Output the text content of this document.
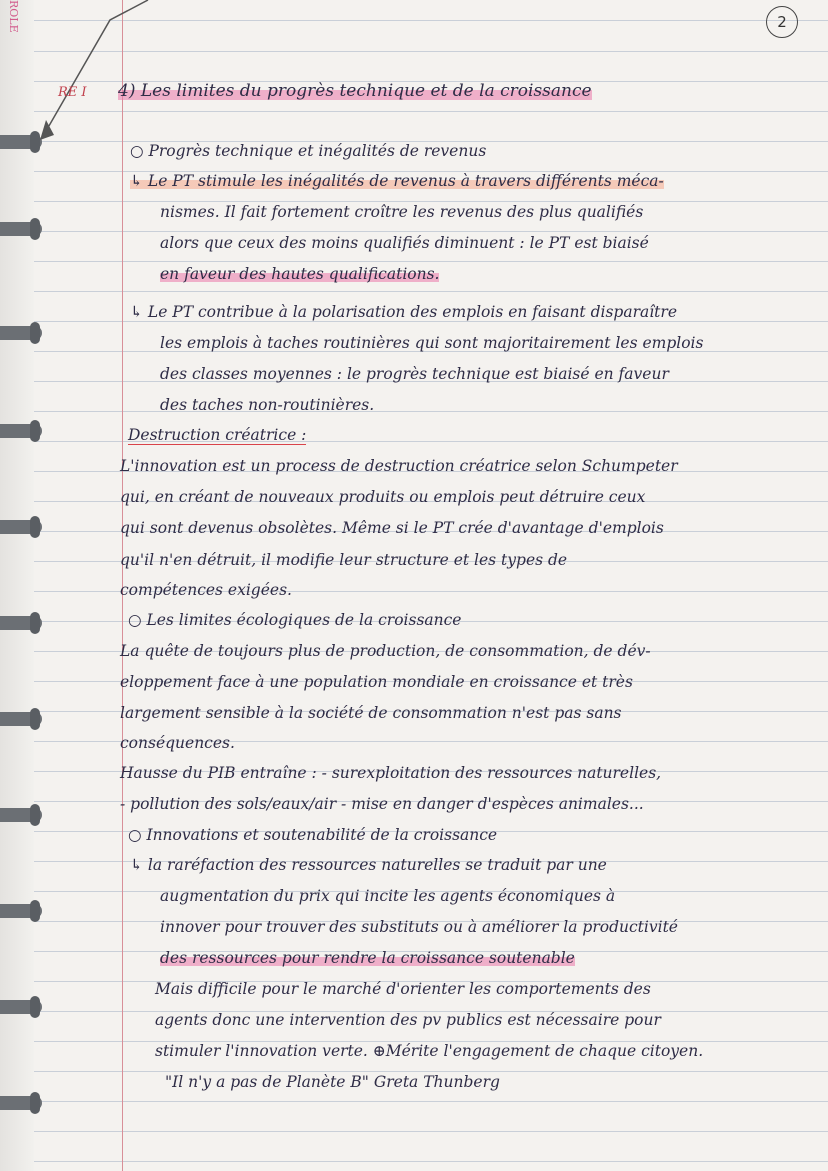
ROLE	2
RE I 4) Les limites du progrès technique et de la croissance
○ Progrès technique et inégalités de revenus
↳ Le PT stimule les inégalités de revenus à travers différents méca-
nismes. Il fait fortement croître les revenus des plus qualifiés
alors que ceux des moins qualifiés diminuent : le PT est biaisé
en faveur des hautes qualifications.
↳ Le PT contribue à la polarisation des emplois en faisant disparaître
les emplois à taches routinières qui sont majoritairement les emplois
des classes moyennes : le progrès technique est biaisé en faveur
des taches non-routinières.
Destruction créatrice :
L'innovation est un process de destruction créatrice selon Schumpeter
qui, en créant de nouveaux produits ou emplois peut détruire ceux
qui sont devenus obsolètes. Même si le PT crée d'avantage d'emplois
qu'il n'en détruit, il modifie leur structure et les types de
compétences exigées.
○ Les limites écologiques de la croissance
La quête de toujours plus de production, de consommation, de dév-
eloppement face à une population mondiale en croissance et très
largement sensible à la société de consommation n'est pas sans
conséquences.
Hausse du PIB entraîne : - surexploitation des ressources naturelles,
- pollution des sols/eaux/air - mise en danger d'espèces animales...
○ Innovations et soutenabilité de la croissance
↳ la raréfaction des ressources naturelles se traduit par une
augmentation du prix qui incite les agents économiques à
innover pour trouver des substituts ou à améliorer la productivité
des ressources pour rendre la croissance soutenable
Mais difficile pour le marché d'orienter les comportements des
agents donc une intervention des pv publics est nécessaire pour
stimuler l'innovation verte. ⊕Mérite l'engagement de chaque citoyen.
"Il n'y a pas de Planète B" Greta Thunberg
